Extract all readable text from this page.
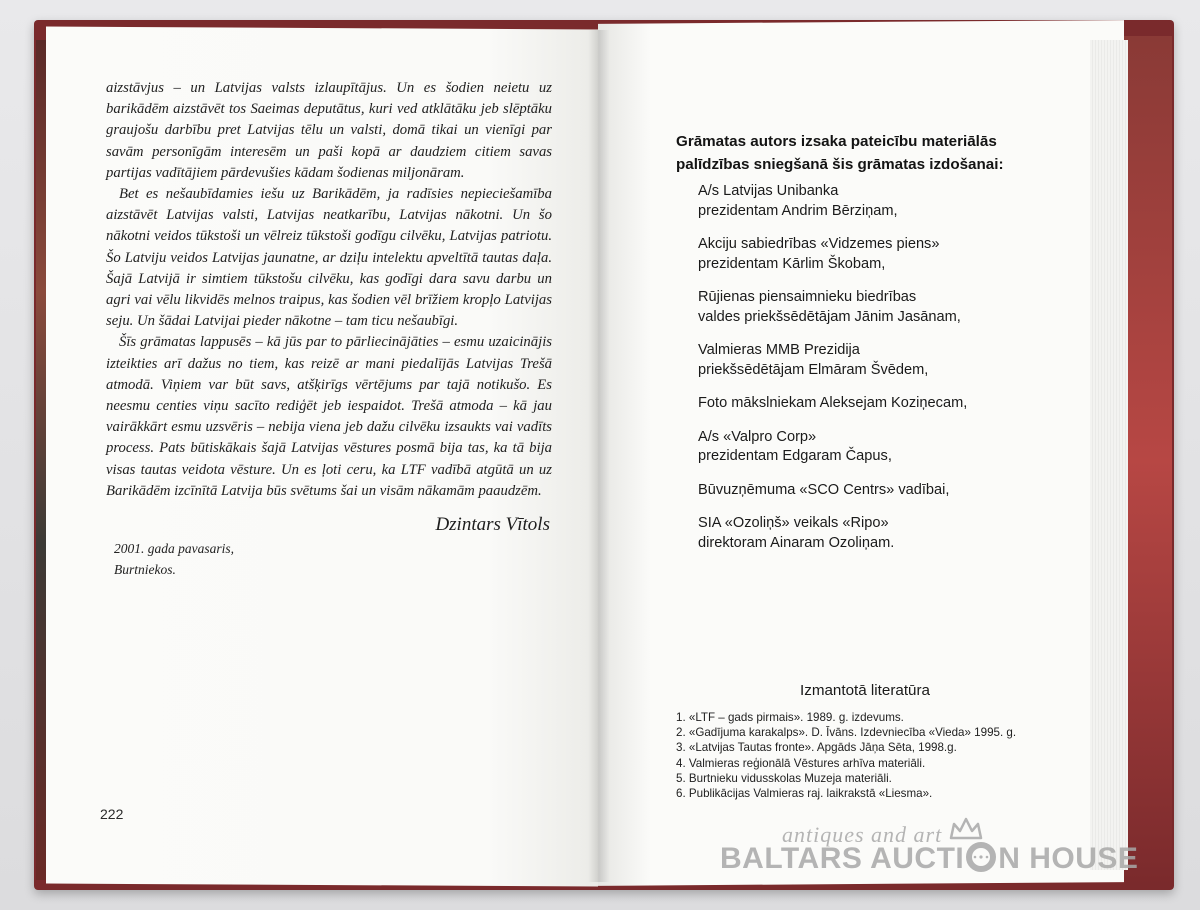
aizstāvjus – un Latvijas valsts izlaupītājus. Un es šodien neietu uz barikādēm aizstāvēt tos Saeimas deputātus, kuri ved atklātāku jeb slēptāku graujošu darbību pret Latvijas tēlu un valsti, domā tikai un vienīgi par savām personīgām interesēm un paši kopā ar daudziem citiem savas partijas vadītājiem pārdevušies kādam šodienas miljonāram.

Bet es nešaubīdamies iešu uz Barikādēm, ja radīsies nepieciešamība aizstāvēt Latvijas valsti, Latvijas neatkarību, Latvijas nākotni. Un šo nākotni veidos tūkstoši un vēlreiz tūkstoši godīgu cilvēku, Latvijas patriotu. Šo Latviju veidos Latvijas jaunatne, ar dziļu intelektu apveltītā tautas daļa. Šajā Latvijā ir simtiem tūkstošu cilvēku, kas godīgi dara savu darbu un agri vai vēlu likvidēs melnos traipus, kas šodien vēl brīžiem kropļo Latvijas seju. Un šādai Latvijai pieder nākotne – tam ticu nešaubīgi.

Šīs grāmatas lappusēs – kā jūs par to pārliecinājāties – esmu uzaicinājis izteikties arī dažus no tiem, kas reizē ar mani piedalījās Latvijas Trešā atmodā. Viņiem var būt savs, atšķirīgs vērtējums par tajā notikušo. Es neesmu centies viņu sacīto rediģēt jeb iespaidot. Trešā atmoda – kā jau vairākkārt esmu uzsvēris – nebija viena jeb dažu cilvēku izsaukts vai vadīts process. Pats būtiskākais šajā Latvijas vēstures posmā bija tas, ka tā bija visas tautas veidota vēsture. Un es ļoti ceru, ka LTF vadībā atgūtā un uz Barikādēm izcīnītā Latvija būs svētums šai un visām nākamām paaudzēm.

Dzintars Vītols
2001. gada pavasaris,
Burtniekos.
222
Grāmatas autors izsaka pateicību materiālās
palīdzības sniegšanā šis grāmatas izdošanai:
A/s Latvijas Unibanka
prezidentam Andrim Bērziņam,
Akciju sabiedrības «Vidzemes piens»
prezidentam Kārlim Škobam,
Rūjienas piensaimnieku biedrības
valdes priekšsēdētājam Jānim Jasānam,
Valmieras MMB Prezidija
priekšsēdētājam Elmāram Švēdem,
Foto mākslniekam Aleksejam Koziņecam,
A/s «Valpro Corp»
prezidentam Edgaram Čapus,
Būvuzņēmuma «SCO Centrs» vadībai,
SIA «Ozoliņš» veikals «Ripo»
direktoram Ainaram Ozoliņam.
Izmantotā literatūra
1. «LTF – gads pirmais». 1989. g. izdevums.
2. «Gadījuma karakalps». D. Īvāns. Izdevniecība «Vieda» 1995. g.
3. «Latvijas Tautas fronte». Apgāds Jāņa Sēta, 1998.g.
4. Valmieras reģionālā Vēstures arhīva materiāli.
5. Burtnieku vidusskolas Muzeja materiāli.
6. Publikācijas Valmieras raj. laikrakstā «Liesma».
antiques and art
BALTARS AUCTI N HOUSE
